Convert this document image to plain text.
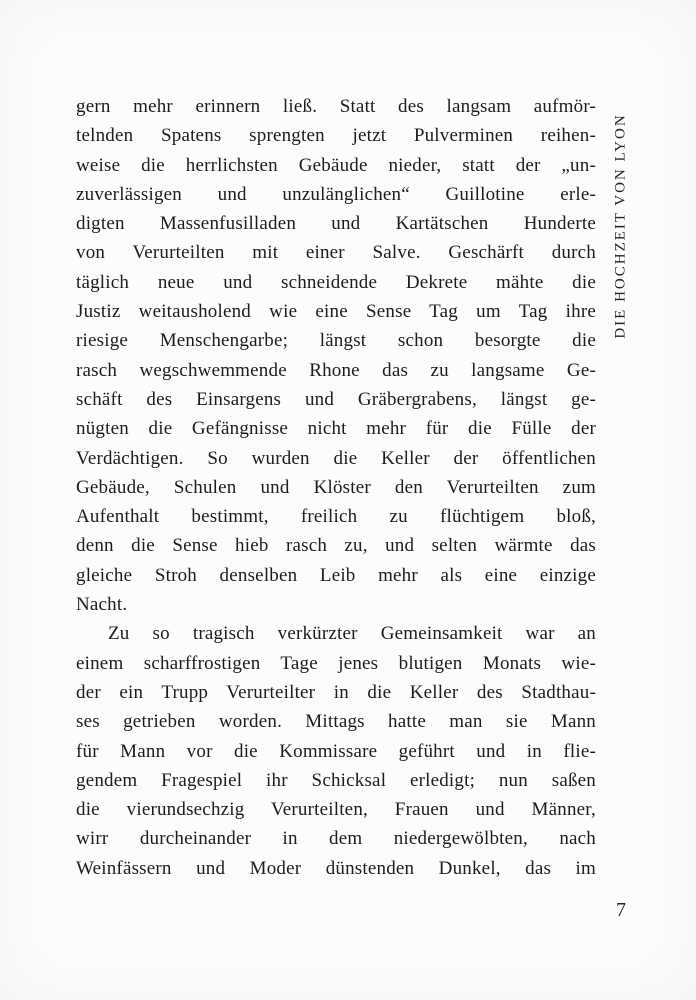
gern mehr erinnern ließ. Statt des langsam aufmör-
telnden Spatens sprengten jetzt Pulverminen reihen-
weise die herrlichsten Gebäude nieder, statt der „un-
zuverlässigen und unzulänglichen“ Guillotine erle-
digten Massenfusilladen und Kartätschen Hunderte
von Verurteilten mit einer Salve. Geschärft durch
täglich neue und schneidende Dekrete mähte die
Justiz weitausholend wie eine Sense Tag um Tag ihre
riesige Menschengarbe; längst schon besorgte die
rasch wegschwemmende Rhone das zu langsame Ge-
schäft des Einsargens und Gräbergrabens, längst ge-
nügten die Gefängnisse nicht mehr für die Fülle der
Verdächtigen. So wurden die Keller der öffentlichen
Gebäude, Schulen und Klöster den Verurteilten zum
Aufenthalt bestimmt, freilich zu flüchtigem bloß,
denn die Sense hieb rasch zu, und selten wärmte das
gleiche Stroh denselben Leib mehr als eine einzige
Nacht.
Zu so tragisch verkürzter Gemeinsamkeit war an
einem scharffrostigen Tage jenes blutigen Monats wie-
der ein Trupp Verurteilter in die Keller des Stadthau-
ses getrieben worden. Mittags hatte man sie Mann
für Mann vor die Kommissare geführt und in flie-
gendem Fragespiel ihr Schicksal erledigt; nun saßen
die vierundsechzig Verurteilten, Frauen und Männer,
wirr durcheinander in dem niedergewölbten, nach
Weinfässern und Moder dünstenden Dunkel, das im
DIE HOCHZEIT VON LYON
7
